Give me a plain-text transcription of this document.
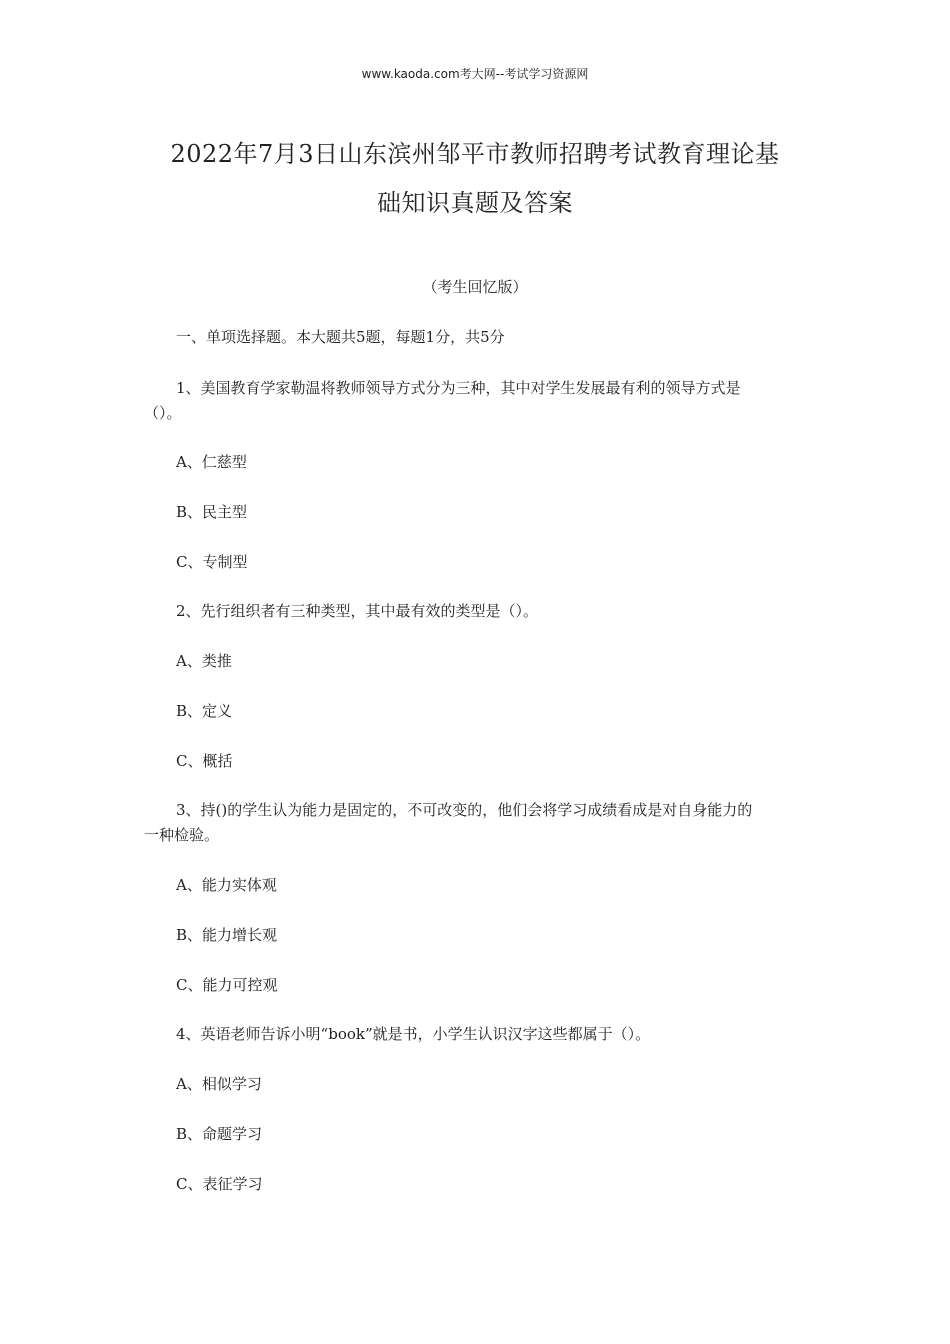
www.kaoda.com考大网--考试学习资源网
2022年7月3日山东滨州邹平市教师招聘考试教育理论基
础知识真题及答案
（考生回忆版）
一、单项选择题。本大题共5题，每题1分，共5分
1、美国教育学家勒温将教师领导方式分为三种，其中对学生发展最有利的领导方式是
（）。
A、仁慈型
B、民主型
C、专制型
2、先行组织者有三种类型，其中最有效的类型是（）。
A、类推
B、定义
C、概括
3、持()的学生认为能力是固定的，不可改变的，他们会将学习成绩看成是对自身能力的
一种检验。
A、能力实体观
B、能力增长观
C、能力可控观
4、英语老师告诉小明“book”就是书，小学生认识汉字这些都属于（）。
A、相似学习
B、命题学习
C、表征学习
